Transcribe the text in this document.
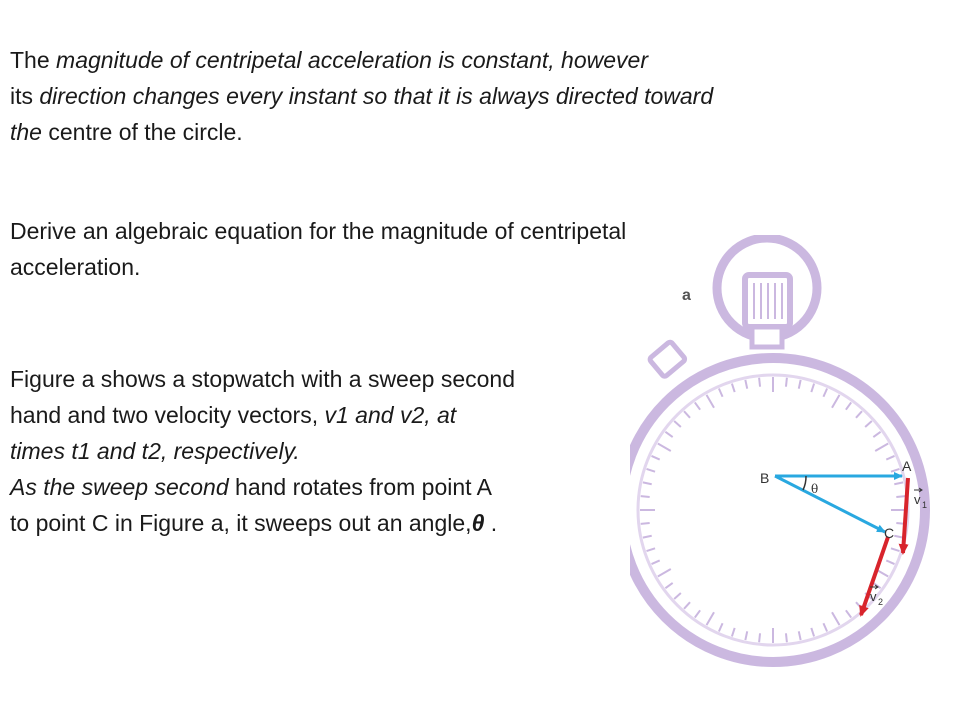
The magnitude of centripetal acceleration is constant, however
its direction changes every instant so that it is always directed toward
the centre of the circle.

Derive an algebraic equation for the magnitude of centripetal
acceleration.

Figure a shows a stopwatch with a sweep second
hand and two velocity vectors, v1 and v2, at
times t1 and t2, respectively.
As the sweep second hand rotates from point A
to point C in Figure a, it sweeps out an angle,θ .

a
B
A
C
θ
v 1
v 2
